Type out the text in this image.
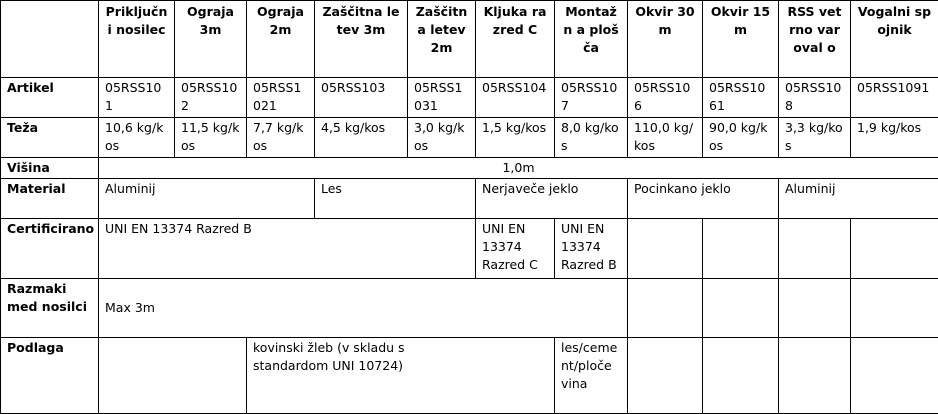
	Priključni nosilec	Ograja 3m	Ograja 2m	Zaščitna letev 3m	Zaščitna letev 2m	Kljuka razred C	Montažn a plošča	Okvir 30m	Okvir 15m	RSS vetrno varoval o	Vogalni spojnik
Artikel	05RSS101	05RSS102	05RSS1021	05RSS103	05RSS1031	05RSS104	05RSS107	05RSS106	05RSS1061	05RSS108	05RSS1091
Teža	10,6 kg/kos	11,5 kg/kos	7,7 kg/kos	4,5 kg/kos	3,0 kg/kos	1,5 kg/kos	8,0 kg/kos	110,0 kg/kos	90,0 kg/kos	3,3 kg/kos	1,9 kg/kos
Višina	1,0m										
Material	Aluminij			Les		Nerjaveče jeklo		Pocinkano jeklo		Aluminij	
Certificirano	UNI EN 13374 Razred B					UNI EN 13374 Razred C	UNI EN 13374 Razred B				
Razmaki med nosilci	Max 3m										
Podlaga			kovinski žleb (v skladu s standardom UNI 10724)				les/cement/ploče vina				
